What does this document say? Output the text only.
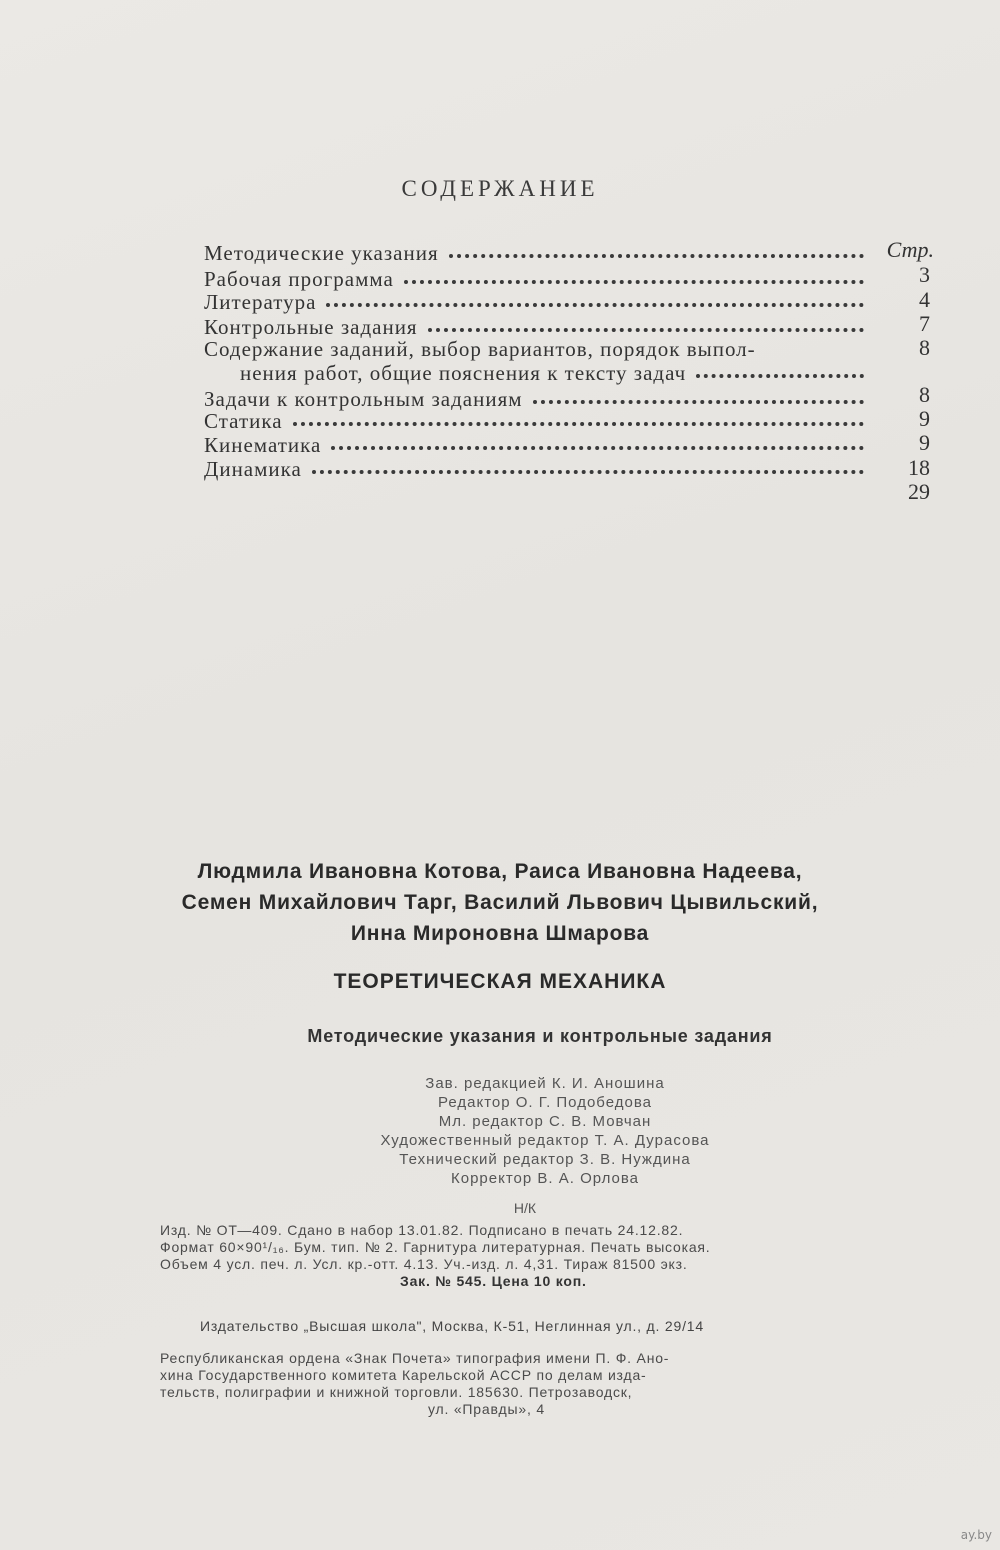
СОДЕРЖАНИЕ
Стр.
Методические указания
3
Рабочая программа
4
Литература
7
Контрольные задания
8
Содержание заданий, выбор вариантов, порядок выпол-
нения работ, общие пояснения к тексту задач
8
Задачи к контрольным заданиям
9
Статика
9
Кинематика
18
Динамика
29
Людмила Ивановна Котова, Раиса Ивановна Надеева,
Семен Михайлович Тарг, Василий Львович Цывильский,
Инна Мироновна Шмарова
ТЕОРЕТИЧЕСКАЯ МЕХАНИКА
Методические указания и контрольные задания
Зав. редакцией К. И. Аношина
Редактор О. Г. Подобедова
Мл. редактор С. В. Мовчан
Художественный редактор Т. А. Дурасова
Технический редактор З. В. Нуждина
Корректор В. А. Орлова
Н/К
Изд. № ОТ—409. Сдано в набор 13.01.82. Подписано в печать 24.12.82.
Формат 60×90¹/₁₆. Бум. тип. № 2. Гарнитура литературная. Печать высокая.
Объем 4 усл. печ. л. Усл. кр.-отт. 4.13. Уч.-изд. л. 4,31. Тираж 81500 экз.
Зак. № 545. Цена 10 коп.
Издательство „Высшая школа", Москва, К-51, Неглинная ул., д. 29/14
Республиканская ордена «Знак Почета» типография имени П. Ф. Ано-
хина Государственного комитета Карельской АССР по делам изда-
тельств, полиграфии и книжной торговли. 185630. Петрозаводск,
ул. «Правды», 4
ay.by
